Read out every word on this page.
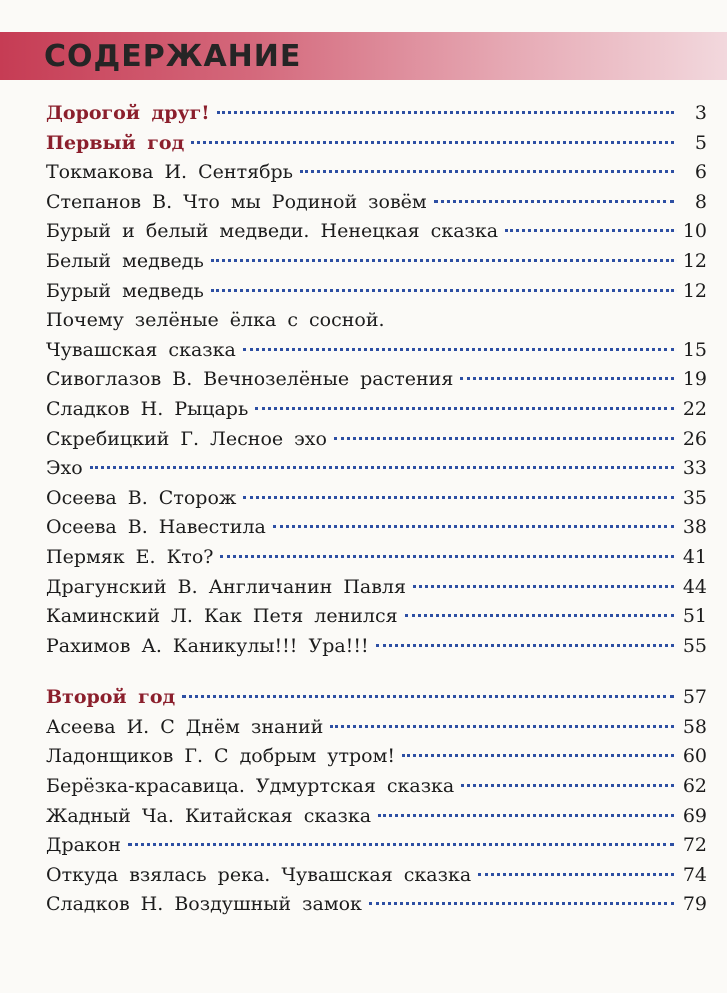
СОДЕРЖАНИЕ
Дорогой друг!	3
Первый год	5
Токмакова И. Сентябрь	6
Степанов В. Что мы Родиной зовём	8
Бурый и белый медведи. Ненецкая сказка	10
Белый медведь	12
Бурый медведь	12
Почему зелёные ёлка с сосной.
Чувашская сказка	15
Сивоглазов В. Вечнозелёные растения	19
Сладков Н. Рыцарь	22
Скребицкий Г. Лесное эхо	26
Эхо	33
Осеева В. Сторож	35
Осеева В. Навестила	38
Пермяк Е. Кто?	41
Драгунский В. Англичанин Павля	44
Каминский Л. Как Петя ленился	51
Рахимов А. Каникулы!!! Ура!!!	55
Второй год	57
Асеева И. С Днём знаний	58
Ладонщиков Г. С добрым утром!	60
Берёзка-красавица. Удмуртская сказка	62
Жадный Ча. Китайская сказка	69
Дракон	72
Откуда взялась река. Чувашская сказка	74
Сладков Н. Воздушный замок	79
